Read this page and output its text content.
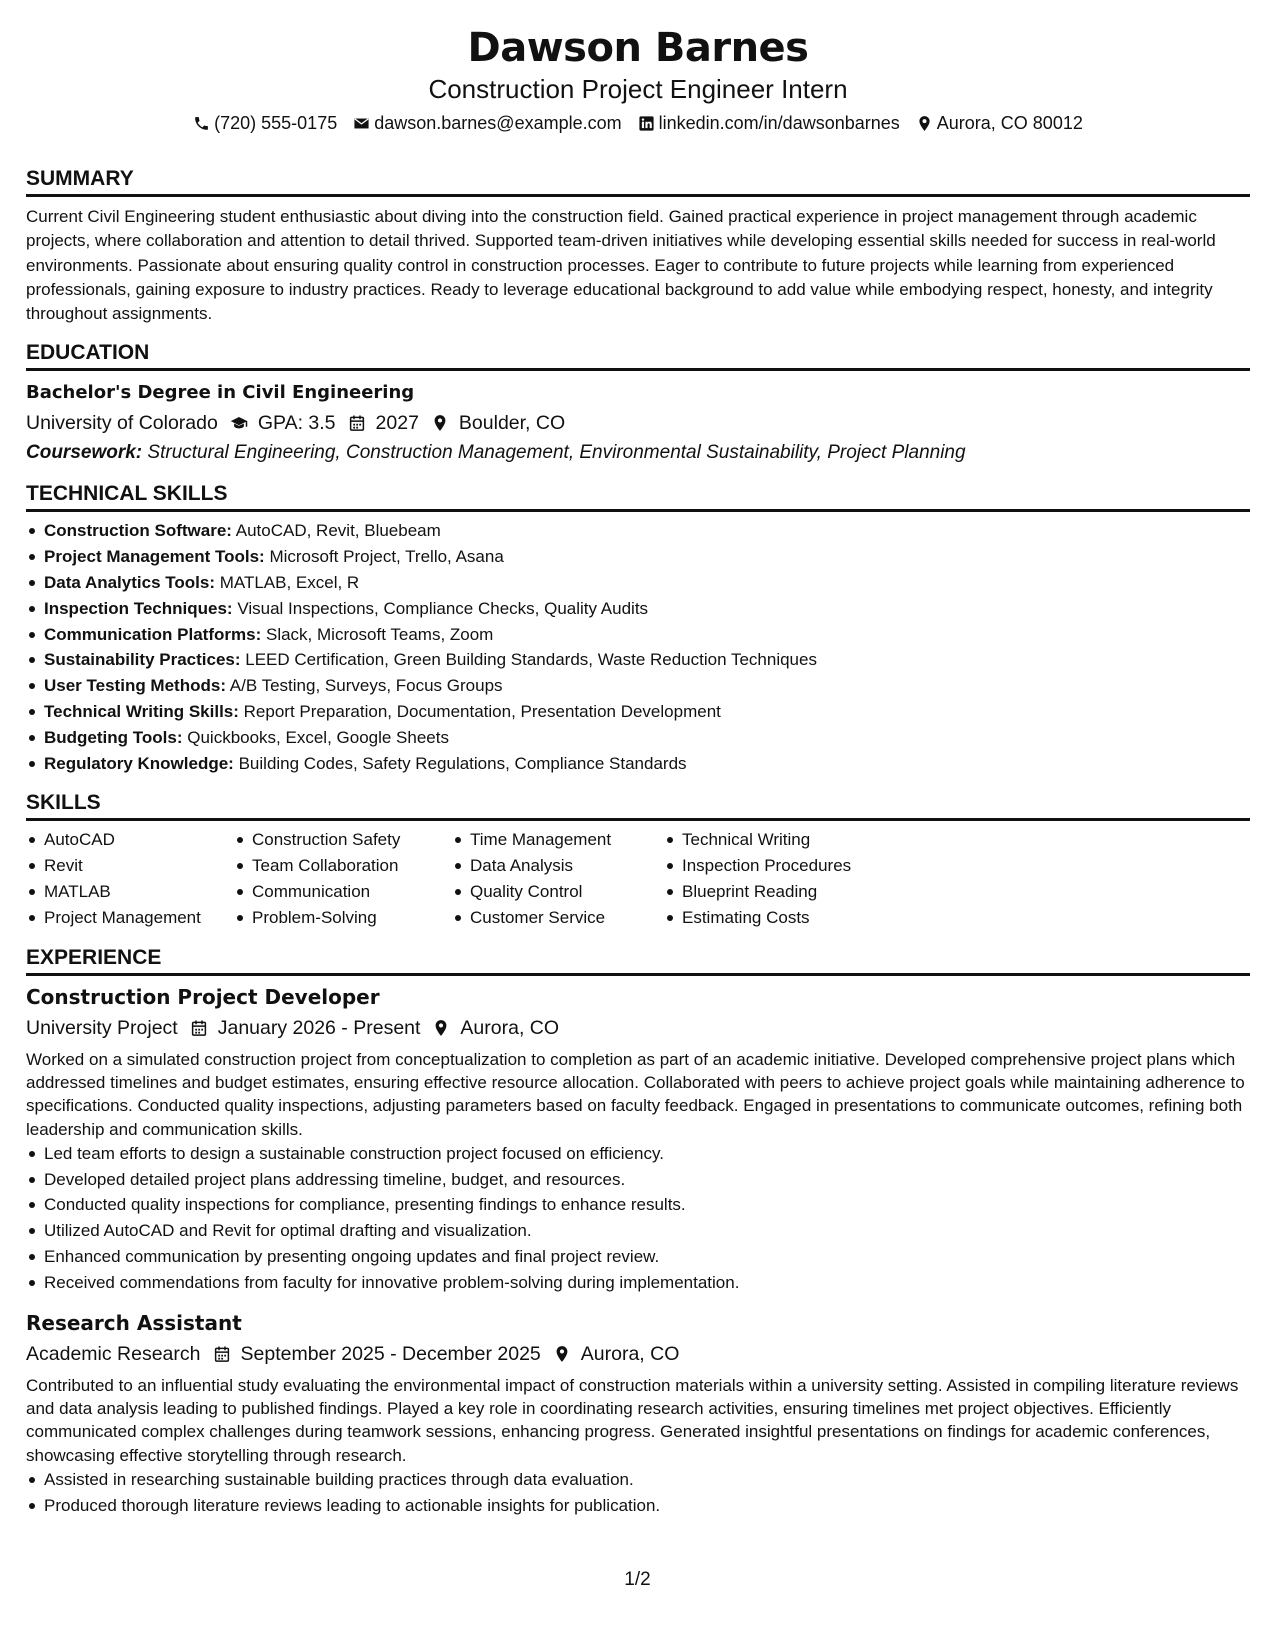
Dawson Barnes
Construction Project Engineer Intern
(720) 555-0175 dawson.barnes@example.com linkedin.com/in/dawsonbarnes Aurora, CO 80012
SUMMARY
Current Civil Engineering student enthusiastic about diving into the construction field. Gained practical experience in project management through academic projects, where collaboration and attention to detail thrived. Supported team-driven initiatives while developing essential skills needed for success in real-world environments. Passionate about ensuring quality control in construction processes. Eager to contribute to future projects while learning from experienced professionals, gaining exposure to industry practices. Ready to leverage educational background to add value while embodying respect, honesty, and integrity throughout assignments.
EDUCATION
Bachelor's Degree in Civil Engineering
University of Colorado GPA: 3.5 2027 Boulder, CO
Coursework: Structural Engineering, Construction Management, Environmental Sustainability, Project Planning
TECHNICAL SKILLS
Construction Software: AutoCAD, Revit, Bluebeam
Project Management Tools: Microsoft Project, Trello, Asana
Data Analytics Tools: MATLAB, Excel, R
Inspection Techniques: Visual Inspections, Compliance Checks, Quality Audits
Communication Platforms: Slack, Microsoft Teams, Zoom
Sustainability Practices: LEED Certification, Green Building Standards, Waste Reduction Techniques
User Testing Methods: A/B Testing, Surveys, Focus Groups
Technical Writing Skills: Report Preparation, Documentation, Presentation Development
Budgeting Tools: Quickbooks, Excel, Google Sheets
Regulatory Knowledge: Building Codes, Safety Regulations, Compliance Standards
SKILLS
AutoCAD
Revit
MATLAB
Project Management
Construction Safety
Team Collaboration
Communication
Problem-Solving
Time Management
Data Analysis
Quality Control
Customer Service
Technical Writing
Inspection Procedures
Blueprint Reading
Estimating Costs
EXPERIENCE
Construction Project Developer
University Project January 2026 - Present Aurora, CO
Worked on a simulated construction project from conceptualization to completion as part of an academic initiative. Developed comprehensive project plans which addressed timelines and budget estimates, ensuring effective resource allocation. Collaborated with peers to achieve project goals while maintaining adherence to specifications. Conducted quality inspections, adjusting parameters based on faculty feedback. Engaged in presentations to communicate outcomes, refining both leadership and communication skills.
Led team efforts to design a sustainable construction project focused on efficiency.
Developed detailed project plans addressing timeline, budget, and resources.
Conducted quality inspections for compliance, presenting findings to enhance results.
Utilized AutoCAD and Revit for optimal drafting and visualization.
Enhanced communication by presenting ongoing updates and final project review.
Received commendations from faculty for innovative problem-solving during implementation.
Research Assistant
Academic Research September 2025 - December 2025 Aurora, CO
Contributed to an influential study evaluating the environmental impact of construction materials within a university setting. Assisted in compiling literature reviews and data analysis leading to published findings. Played a key role in coordinating research activities, ensuring timelines met project objectives. Efficiently communicated complex challenges during teamwork sessions, enhancing progress. Generated insightful presentations on findings for academic conferences, showcasing effective storytelling through research.
Assisted in researching sustainable building practices through data evaluation.
Produced thorough literature reviews leading to actionable insights for publication.
1/2
